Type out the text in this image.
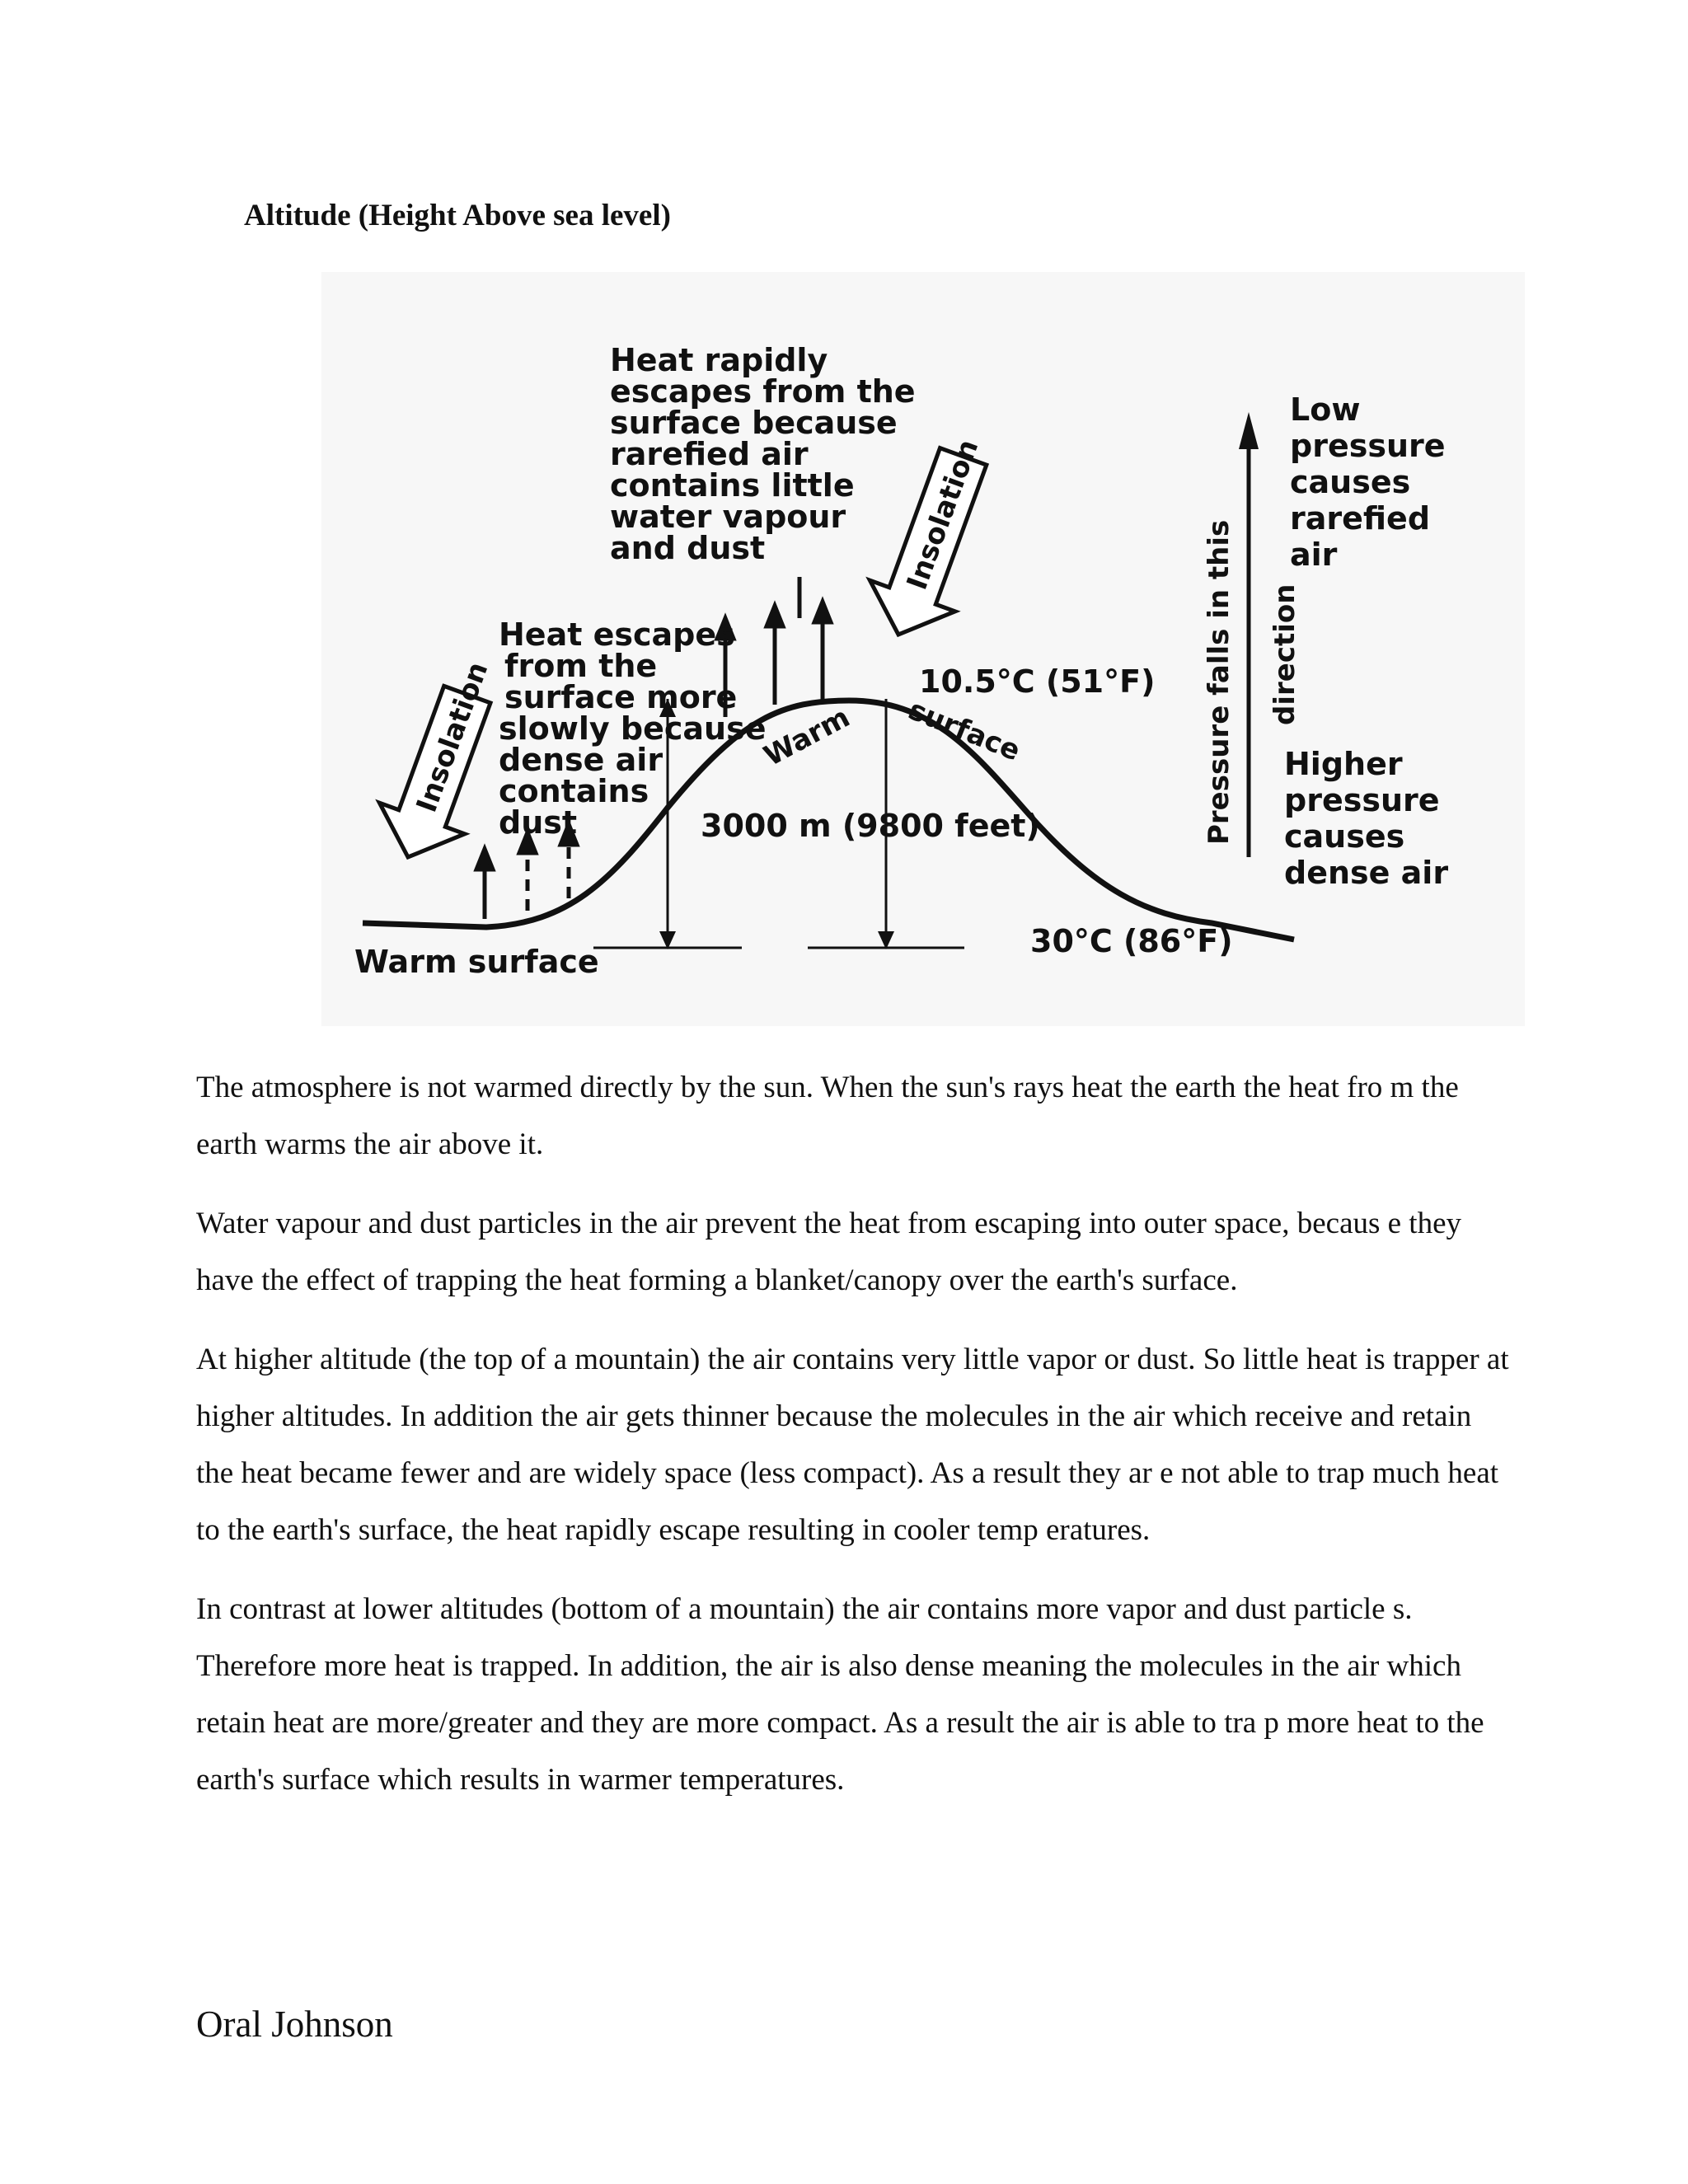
Altitude (Height Above sea level)
Insolation
Insolation
Heat rapidly escapes from the surface because rarefied air contains little water vapour and dust
Heat escapes from the surface more slowly because dense air contains dust
10.5°C (51°F)
30°C (86°F)
3000 m (9800 feet)
Warm surface
Warm surface
Pressure falls in this direction
Low pressure causes rarefied air
Higher pressure causes dense air

The atmosphere is not warmed directly by the sun. When the sun's rays heat the earth the heat fro m the earth warms the air above it.

Water vapour and dust particles in the air prevent the heat from escaping into outer space, becaus e they have the effect of trapping the heat forming a blanket/canopy over the earth's surface.

At higher altitude (the top of a mountain) the air contains very little vapor or dust. So little heat is trapper at higher altitudes. In addition the air gets thinner because the molecules in the air which receive and retain the heat became fewer and are widely space (less compact). As a result they ar e not able to trap much heat to the earth's surface, the heat rapidly escape resulting in cooler temp eratures.

In contrast at lower altitudes (bottom of a mountain) the air contains more vapor and dust particle s. Therefore more heat is trapped. In addition, the air is also dense meaning the molecules in the air which retain heat are more/greater and they are more compact. As a result the air is able to tra p more heat to the earth's surface which results in warmer temperatures.

Oral Johnson
